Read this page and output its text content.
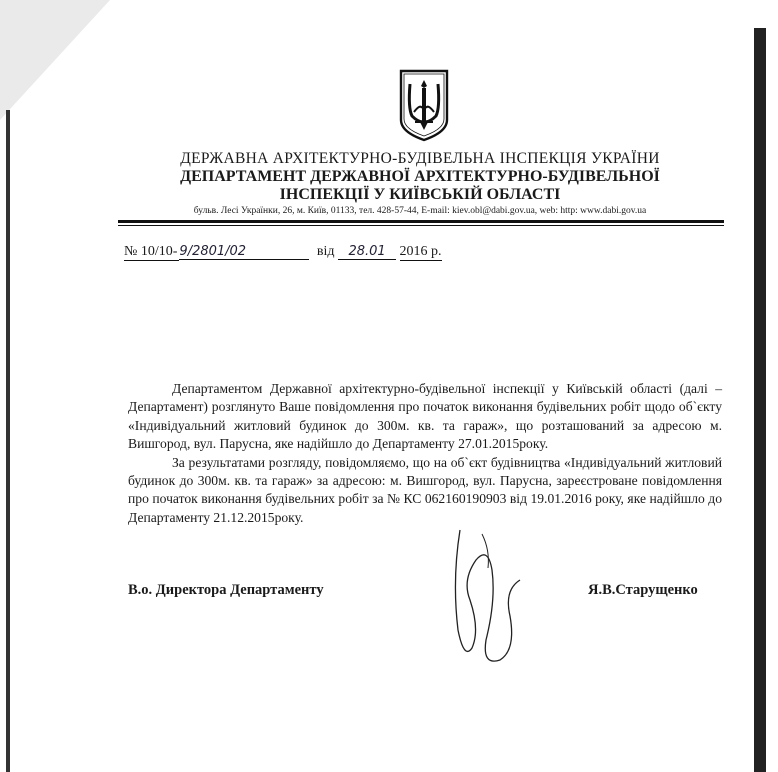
ДЕРЖАВНА АРХІТЕКТУРНО-БУДІВЕЛЬНА ІНСПЕКЦІЯ УКРАЇНИ
ДЕПАРТАМЕНТ ДЕРЖАВНОЇ АРХІТЕКТУРНО-БУДІВЕЛЬНОЇ
ІНСПЕКЦІЇ У КИЇВСЬКІЙ ОБЛАСТІ
бульв. Лесі Українки, 26, м. Київ, 01133, тел. 428-57-44, E-mail: kiev.obl@dabi.gov.ua, web: http: www.dabi.gov.ua
№ 10/10- 9/2801/02	від 28.01 2016 р.

Департаментом Державної архітектурно-будівельної інспекції у Київській області (далі – Департамент) розглянуто Ваше повідомлення про початок виконання будівельних робіт щодо об`єкту «Індивідуальний житловий будинок до 300м. кв. та гараж», що розташований за адресою м. Вишгород, вул. Парусна, яке надійшло до Департаменту 27.01.2015року.

За результатами розгляду, повідомляємо, що на об`єкт будівництва «Індивідуальний житловий будинок до 300м. кв. та гараж» за адресою: м. Вишгород, вул. Парусна, зареєстроване повідомлення про початок виконання будівельних робіт за № КС 062160190903 від 19.01.2016 року, яке надійшло до Департаменту 21.12.2015року.

В.о. Директора Департаменту	Я.В.Старущенко
